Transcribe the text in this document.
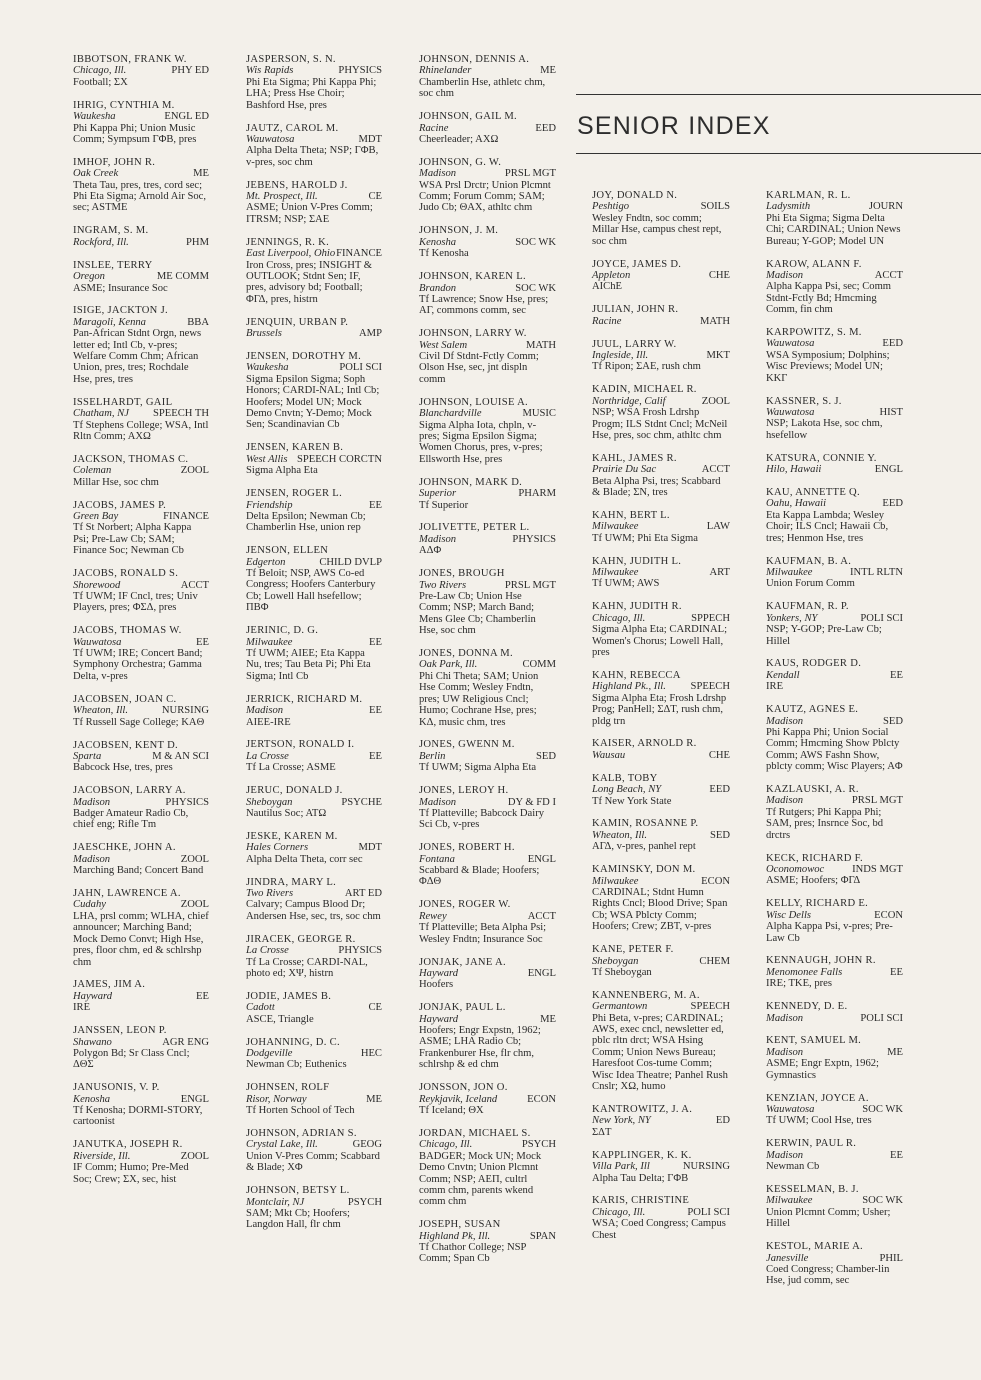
SENIOR INDEX
IBBOTSON, FRANK W.
PHY ED
Chicago, Ill.
Football; ΣX
IHRIG, CYNTHIA M.
ENGL ED
Waukesha
Phi Kappa Phi; Union Music Comm; Sympsum ΓΦB, pres
IMHOF, JOHN R.
ME
Oak Creek
Theta Tau, pres, tres, cord sec; Phi Eta Sigma; Arnold Air Soc, sec; ASTME
INGRAM, S. M.
PHM
Rockford, Ill.
INSLEE, TERRY
ME COMM
Oregon
ASME; Insurance Soc
ISIGE, JACKTON J.
BBA
Maragoli, Kenna
Pan-African Stdnt Orgn, news letter ed; Intl Cb, v-pres; Welfare Comm Chm; African Union, pres, tres; Rochdale Hse, pres, tres
ISSELHARDT, GAIL
SPEECH TH
Chatham, NJ
Tf Stephens College; WSA, Intl Rltn Comm; AXΩ
JACKSON, THOMAS C.
ZOOL
Coleman
Millar Hse, soc chm
JACOBS, JAMES P.
FINANCE
Green Bay
Tf St Norbert; Alpha Kappa Psi; Pre-Law Cb; SAM; Finance Soc; Newman Cb
JACOBS, RONALD S.
ACCT
Shorewood
Tf UWM; IF Cncl, tres; Univ Players, pres; ΦΣΔ, pres
JACOBS, THOMAS W.
EE
Wauwatosa
Tf UWM; IRE; Concert Band; Symphony Orchestra; Gamma Delta, v-pres
JACOBSEN, JOAN C.
NURSING
Wheaton, Ill.
Tf Russell Sage College; KAΘ
JACOBSEN, KENT D.
M & AN SCI
Sparta
Babcock Hse, tres, pres
JACOBSON, LARRY A.
PHYSICS
Madison
Badger Amateur Radio Cb, chief eng; Rifle Tm
JAESCHKE, JOHN A.
ZOOL
Madison
Marching Band; Concert Band
JAHN, LAWRENCE A.
ZOOL
Cudahy
LHA, prsl comm; WLHA, chief announcer; Marching Band; Mock Demo Convt; High Hse, pres, floor chm, ed & schlrshp chm
JAMES, JIM A.
EE
Hayward
IRE
JANSSEN, LEON P.
AGR ENG
Shawano
Polygon Bd; Sr Class Cncl; ΔΘΣ
JANUSONIS, V. P.
ENGL
Kenosha
Tf Kenosha; DORMI-STORY, cartoonist
JANUTKA, JOSEPH R.
ZOOL
Riverside, Ill.
IF Comm; Humo; Pre-Med Soc; Crew; ΣX, sec, hist
JASPERSON, S. N.
PHYSICS
Wis Rapids
Phi Eta Sigma; Phi Kappa Phi; LHA; Press Hse Choir; Bashford Hse, pres
JAUTZ, CAROL M.
MDT
Wauwatosa
Alpha Delta Theta; NSP; ΓΦB, v-pres, soc chm
JEBENS, HAROLD J.
CE
Mt. Prospect, Ill.
ASME; Union V-Pres Comm; ITRSM; NSP; ΣAE
JENNINGS, R. K.
FINANCE
East Liverpool, Ohio
Iron Cross, pres; INSIGHT & OUTLOOK; Stdnt Sen; IF, pres, advisory bd; Football; ΦΓΔ, pres, histrn
JENQUIN, URBAN P.
AMP
Brussels
JENSEN, DOROTHY M.
POLI SCI
Waukesha
Sigma Epsilon Sigma; Soph Honors; CARDI-NAL; Intl Cb; Hoofers; Model UN; Mock Demo Cnvtn; Y-Demo; Mock Sen; Scandinavian Cb
JENSEN, KAREN B.
SPEECH CORCTN
West Allis
Sigma Alpha Eta
JENSEN, ROGER L.
EE
Friendship
Delta Epsilon; Newman Cb; Chamberlin Hse, union rep
JENSON, ELLEN
CHILD DVLP
Edgerton
Tf Beloit; NSP, AWS Co-ed Congress; Hoofers Canterbury Cb; Lowell Hall hsefellow; ΠBΦ
JERINIC, D. G.
EE
Milwaukee
Tf UWM; AIEE; Eta Kappa Nu, tres; Tau Beta Pi; Phi Eta Sigma; Intl Cb
JERRICK, RICHARD M.
EE
Madison
AIEE-IRE
JERTSON, RONALD I.
EE
La Crosse
Tf La Crosse; ASME
JERUC, DONALD J.
PSYCHE
Sheboygan
Nautilus Soc; ATΩ
JESKE, KAREN M.
MDT
Hales Corners
Alpha Delta Theta, corr sec
JINDRA, MARY L.
ART ED
Two Rivers
Calvary; Campus Blood Dr; Andersen Hse, sec, trs, soc chm
JIRACEK, GEORGE R.
PHYSICS
La Crosse
Tf La Crosse; CARDI-NAL, photo ed; XΨ, histrn
JODIE, JAMES B.
CE
Cadott
ASCE, Triangle
JOHANNING, D. C.
HEC
Dodgeville
Newman Cb; Euthenics
JOHNSEN, ROLF
ME
Risor, Norway
Tf Horten School of Tech
JOHNSON, ADRIAN S.
GEOG
Crystal Lake, Ill.
Union V-Pres Comm; Scabbard & Blade; XΦ
JOHNSON, BETSY L.
PSYCH
Montclair, NJ
SAM; Mkt Cb; Hoofers; Langdon Hall, flr chm
JOHNSON, DENNIS A.
ME
Rhinelander
Chamberlin Hse, athletc chm, soc chm
JOHNSON, GAIL M.
EED
Racine
Cheerleader; AXΩ
JOHNSON, G. W.
PRSL MGT
Madison
WSA Prsl Drctr; Union Plcmnt Comm; Forum Comm; SAM; Judo Cb; ΘAX, athltc chm
JOHNSON, J. M.
SOC WK
Kenosha
Tf Kenosha
JOHNSON, KAREN L.
SOC WK
Brandon
Tf Lawrence; Snow Hse, pres; AΓ, commons comm, sec
JOHNSON, LARRY W.
MATH
West Salem
Civil Df Stdnt-Fctly Comm; Olson Hse, sec, jnt displn comm
JOHNSON, LOUISE A.
MUSIC
Blanchardville
Sigma Alpha Iota, chpln, v-pres; Sigma Epsilon Sigma; Women Chorus, pres, v-pres; Ellsworth Hse, pres
JOHNSON, MARK D.
PHARM
Superior
Tf Superior
JOLIVETTE, PETER L.
PHYSICS
Madison
AΔΦ
JONES, BROUGH
PRSL MGT
Two Rivers
Pre-Law Cb; Union Hse Comm; NSP; March Band; Mens Glee Cb; Chamberlin Hse, soc chm
JONES, DONNA M.
COMM
Oak Park, Ill.
Phi Chi Theta; SAM; Union Hse Comm; Wesley Fndtn, pres; UW Religious Cncl; Humo; Cochrane Hse, pres; KΔ, music chm, tres
JONES, GWENN M.
SED
Berlin
Tf UWM; Sigma Alpha Eta
JONES, LEROY H.
DY & FD I
Madison
Tf Platteville; Babcock Dairy Sci Cb, v-pres
JONES, ROBERT H.
ENGL
Fontana
Scabbard & Blade; Hoofers; ΦΔΘ
JONES, ROGER W.
ACCT
Rewey
Tf Platteville; Beta Alpha Psi; Wesley Fndtn; Insurance Soc
JONJAK, JANE A.
ENGL
Hayward
Hoofers
JONJAK, PAUL L.
ME
Hayward
Hoofers; Engr Expstn, 1962; ASME; LHA Radio Cb; Frankenburer Hse, flr chm, schlrshp & ed chm
JONSSON, JON O.
ECON
Reykjavik, Iceland
Tf Iceland; ΘX
JORDAN, MICHAEL S.
PSYCH
Chicago, Ill.
BADGER; Mock UN; Mock Demo Cnvtn; Union Plcmnt Comm; NSP; AEΠ, cultrl comm chm, parents wkend comm chm
JOSEPH, SUSAN
SPAN
Highland Pk, Ill.
Tf Chathor College; NSP Comm; Span Cb
JOY, DONALD N.
SOILS
Peshtigo
Wesley Fndtn, soc comm; Millar Hse, campus chest rept, soc chm
JOYCE, JAMES D.
CHE
Appleton
AIChE
JULIAN, JOHN R.
MATH
Racine
JUUL, LARRY W.
MKT
Ingleside, Ill.
Tf Ripon; ΣAE, rush chm
KADIN, MICHAEL R.
ZOOL
Northridge, Calif
NSP; WSA Frosh Ldrshp Progm; ILS Stdnt Cncl; McNeil Hse, pres, soc chm, athltc chm
KAHL, JAMES R.
ACCT
Prairie Du Sac
Beta Alpha Psi, tres; Scabbard & Blade; ΣN, tres
KAHN, BERT L.
LAW
Milwaukee
Tf UWM; Phi Eta Sigma
KAHN, JUDITH L.
ART
Milwaukee
Tf UWM; AWS
KAHN, JUDITH R.
SPPECH
Chicago, Ill.
Sigma Alpha Eta; CARDINAL; Women's Chorus; Lowell Hall, pres
KAHN, REBECCA
SPEECH
Highland Pk., Ill.
Sigma Alpha Eta; Frosh Ldrshp Prog; PanHell; ΣΔT, rush chm, pldg trn
KAISER, ARNOLD R.
CHE
Wausau
KALB, TOBY
EED
Long Beach, NY
Tf New York State
KAMIN, ROSANNE P.
SED
Wheaton, Ill.
AΓΔ, v-pres, panhel rept
KAMINSKY, DON M.
ECON
Milwaukee
CARDINAL; Stdnt Humn Rights Cncl; Blood Drive; Span Cb; WSA Pblcty Comm; Hoofers; Crew; ZBT, v-pres
KANE, PETER F.
CHEM
Sheboygan
Tf Sheboygan
KANNENBERG, M. A.
SPEECH
Germantown
Phi Beta, v-pres; CARDINAL; AWS, exec cncl, newsletter ed, pblc rltn drct; WSA Hsing Comm; Union News Bureau; Haresfoot Cos-tume Comm; Wisc Idea Theatre; Panhel Rush Cnslr; XΩ, humo
KANTROWITZ, J. A.
ED
New York, NY
ΣΔT
KAPPLINGER, K. K.
NURSING
Villa Park, Ill
Alpha Tau Delta; ΓΦB
KARIS, CHRISTINE
POLI SCI
Chicago, Ill.
WSA; Coed Congress; Campus Chest
KARLMAN, R. L.
JOURN
Ladysmith
Phi Eta Sigma; Sigma Delta Chi; CARDINAL; Union News Bureau; Y-GOP; Model UN
KAROW, ALANN F.
ACCT
Madison
Alpha Kappa Psi, sec; Comm Stdnt-Fctly Bd; Hmcming Comm, fin chm
KARPOWITZ, S. M.
EED
Wauwatosa
WSA Symposium; Dolphins; Wisc Previews; Model UN; KKΓ
KASSNER, S. J.
HIST
Wauwatosa
NSP; Lakota Hse, soc chm, hsefellow
KATSURA, CONNIE Y.
ENGL
Hilo, Hawaii
KAU, ANNETTE Q.
EED
Oahu, Hawaii
Eta Kappa Lambda; Wesley Choir; ILS Cncl; Hawaii Cb, tres; Henmon Hse, tres
KAUFMAN, B. A.
INTL RLTN
Milwaukee
Union Forum Comm
KAUFMAN, R. P.
POLI SCI
Yonkers, NY
NSP; Y-GOP; Pre-Law Cb; Hillel
KAUS, RODGER D.
EE
Kendall
IRE
KAUTZ, AGNES E.
SED
Madison
Phi Kappa Phi; Union Social Comm; Hmcming Show Pblcty Comm; AWS Fashn Show, pblcty comm; Wisc Players; AΦ
KAZLAUSKI, A. R.
PRSL MGT
Madison
Tf Rutgers; Phi Kappa Phi; SAM, pres; Insrnce Soc, bd drctrs
KECK, RICHARD F.
INDS MGT
Oconomowoc
ASME; Hoofers; ΦΓΔ
KELLY, RICHARD E.
ECON
Wisc Dells
Alpha Kappa Psi, v-pres; Pre-Law Cb
KENNAUGH, JOHN R.
EE
Menomonee Falls
IRE; TKE, pres
KENNEDY, D. E.
POLI SCI
Madison
KENT, SAMUEL M.
ME
Madison
ASME; Engr Exptn, 1962; Gymnastics
KENZIAN, JOYCE A.
SOC WK
Wauwatosa
Tf UWM; Cool Hse, tres
KERWIN, PAUL R.
EE
Madison
Newman Cb
KESSELMAN, B. J.
SOC WK
Milwaukee
Union Plcmnt Comm; Usher; Hillel
KESTOL, MARIE A.
PHIL
Janesville
Coed Congress; Chamber-lin Hse, jud comm, sec
